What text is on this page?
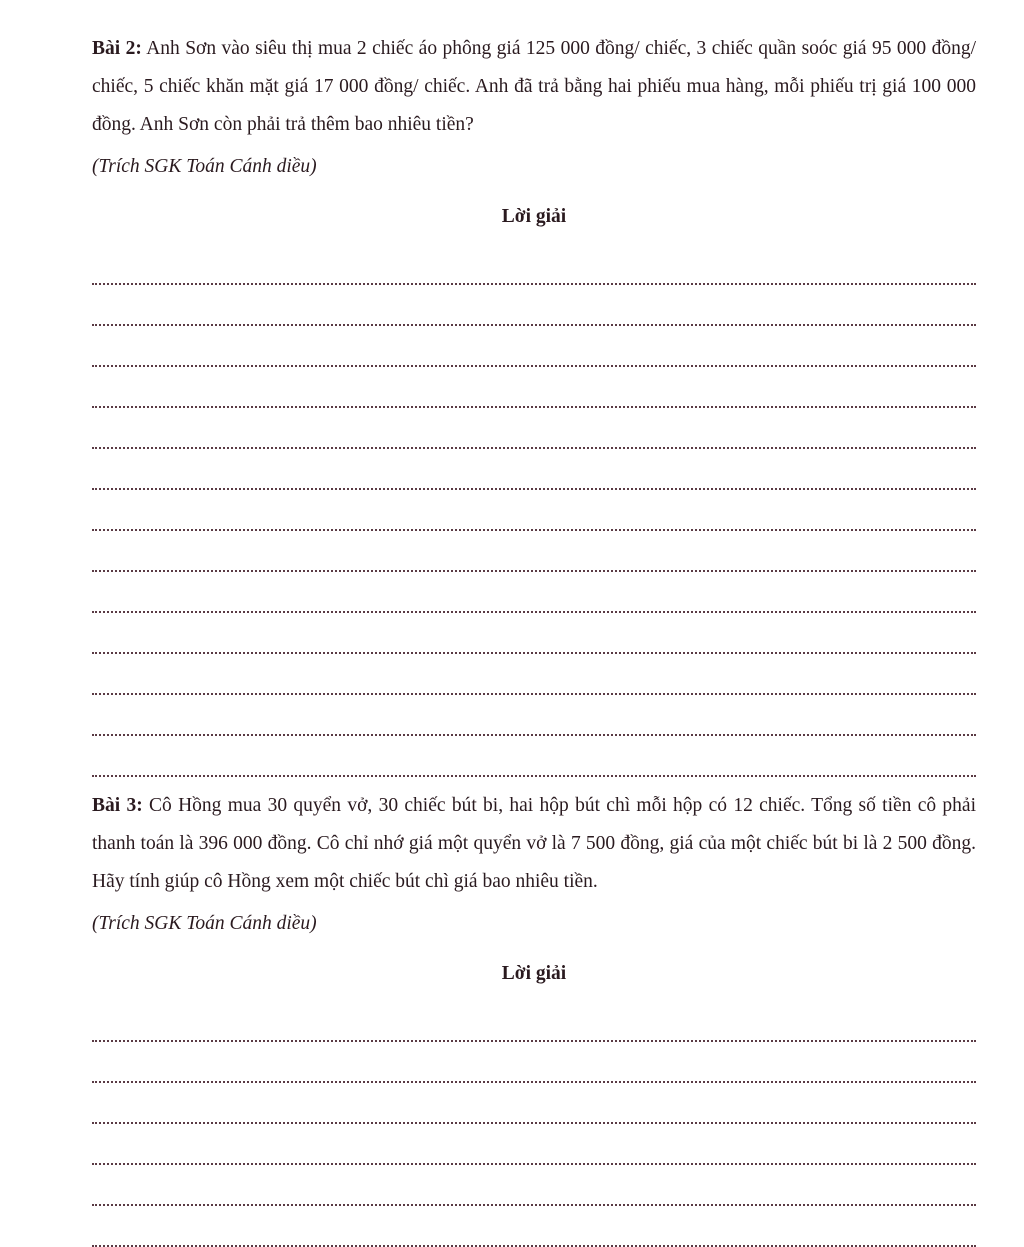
Bài 2: Anh Sơn vào siêu thị mua 2 chiếc áo phông giá 125 000 đồng/ chiếc, 3 chiếc quần soóc giá 95 000 đồng/ chiếc, 5 chiếc khăn mặt giá 17 000 đồng/ chiếc. Anh đã trả bằng hai phiếu mua hàng, mỗi phiếu trị giá 100 000 đồng. Anh Sơn còn phải trả thêm bao nhiêu tiền?

(Trích SGK Toán Cánh diều)

Lời giải

Bài 3: Cô Hồng mua 30 quyển vở, 30 chiếc bút bi, hai hộp bút chì mỗi hộp có 12 chiếc. Tổng số tiền cô phải thanh toán là 396 000 đồng. Cô chỉ nhớ giá một quyển vở là 7 500 đồng, giá của một chiếc bút bi là 2 500 đồng. Hãy tính giúp cô Hồng xem một chiếc bút chì giá bao nhiêu tiền.

(Trích SGK Toán Cánh diều)

Lời giải
